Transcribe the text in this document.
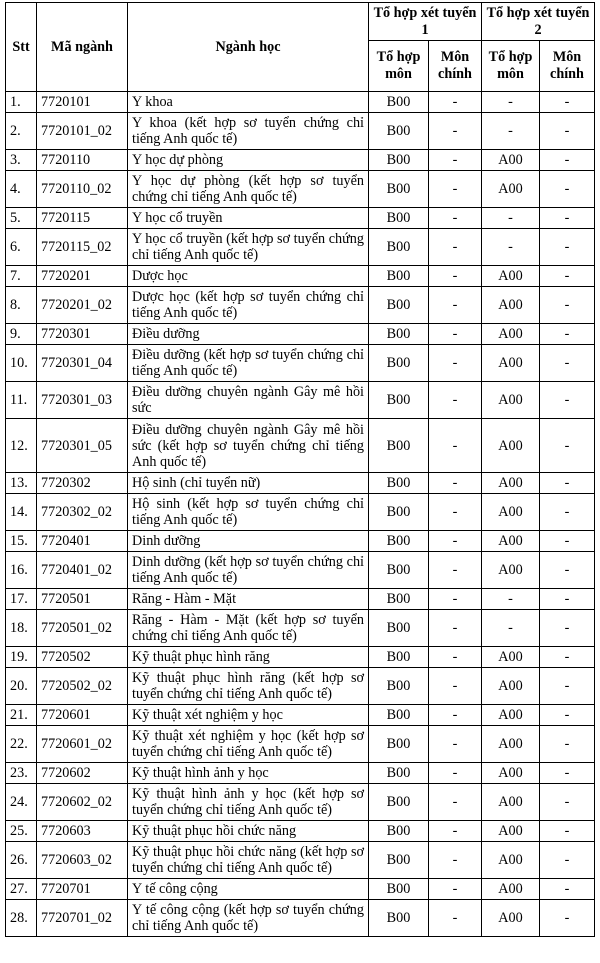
Stt	Mã ngành	Ngành học	Tổ hợp xét tuyển 1		Tổ hợp xét tuyển 2	
			Tổ hợp môn	Môn chính	Tổ hợp môn	Môn chính
1.	7720101	Y khoa	B00	-	-	-
2.	7720101_02	Y khoa (kết hợp sơ tuyển chứng chỉ tiếng Anh quốc tế)	B00	-	-	-
3.	7720110	Y học dự phòng	B00	-	A00	-
4.	7720110_02	Y học dự phòng (kết hợp sơ tuyển chứng chỉ tiếng Anh quốc tế)	B00	-	A00	-
5.	7720115	Y học cổ truyền	B00	-	-	-
6.	7720115_02	Y học cổ truyền (kết hợp sơ tuyển chứng chỉ tiếng Anh quốc tế)	B00	-	-	-
7.	7720201	Dược học	B00	-	A00	-
8.	7720201_02	Dược học (kết hợp sơ tuyển chứng chỉ tiếng Anh quốc tế)	B00	-	A00	-
9.	7720301	Điều dưỡng	B00	-	A00	-
10.	7720301_04	Điều dưỡng (kết hợp sơ tuyển chứng chỉ tiếng Anh quốc tế)	B00	-	A00	-
11.	7720301_03	Điều dưỡng chuyên ngành Gây mê hồi sức	B00	-	A00	-
12.	7720301_05	Điều dưỡng chuyên ngành Gây mê hồi sức (kết hợp sơ tuyển chứng chỉ tiếng Anh quốc tế)	B00	-	A00	-
13.	7720302	Hộ sinh (chỉ tuyển nữ)	B00	-	A00	-
14.	7720302_02	Hộ sinh (kết hợp sơ tuyển chứng chỉ tiếng Anh quốc tế)	B00	-	A00	-
15.	7720401	Dinh dưỡng	B00	-	A00	-
16.	7720401_02	Dinh dưỡng (kết hợp sơ tuyển chứng chỉ tiếng Anh quốc tế)	B00	-	A00	-
17.	7720501	Răng - Hàm - Mặt	B00	-	-	-
18.	7720501_02	Răng - Hàm - Mặt (kết hợp sơ tuyển chứng chỉ tiếng Anh quốc tế)	B00	-	-	-
19.	7720502	Kỹ thuật phục hình răng	B00	-	A00	-
20.	7720502_02	Kỹ thuật phục hình răng (kết hợp sơ tuyển chứng chỉ tiếng Anh quốc tế)	B00	-	A00	-
21.	7720601	Kỹ thuật xét nghiệm y học	B00	-	A00	-
22.	7720601_02	Kỹ thuật xét nghiệm y học (kết hợp sơ tuyển chứng chỉ tiếng Anh quốc tế)	B00	-	A00	-
23.	7720602	Kỹ thuật hình ảnh y học	B00	-	A00	-
24.	7720602_02	Kỹ thuật hình ảnh y học (kết hợp sơ tuyển chứng chỉ tiếng Anh quốc tế)	B00	-	A00	-
25.	7720603	Kỹ thuật phục hồi chức năng	B00	-	A00	-
26.	7720603_02	Kỹ thuật phục hồi chức năng (kết hợp sơ tuyển chứng chỉ tiếng Anh quốc tế)	B00	-	A00	-
27.	7720701	Y tế công cộng	B00	-	A00	-
28.	7720701_02	Y tế công cộng (kết hợp sơ tuyển chứng chỉ tiếng Anh quốc tế)	B00	-	A00	-
